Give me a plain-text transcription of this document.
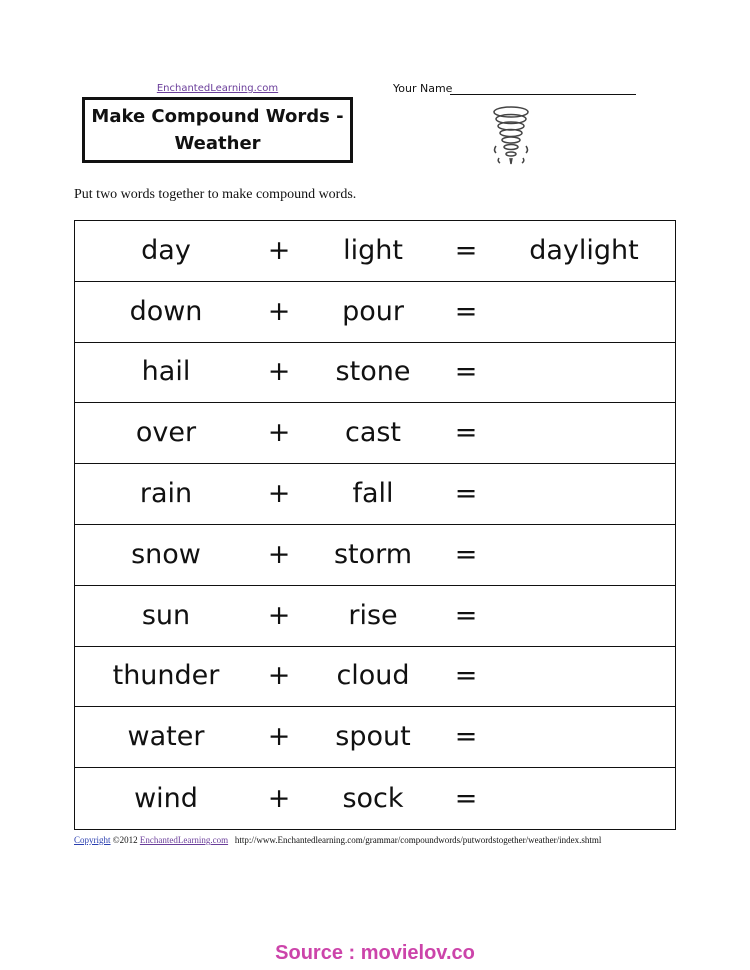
EnchantedLearning.com
Make Compound Words -
Weather
Your Name
Put two words together to make compound words.
day	+ light = daylight
down + pour =
hail	+ stone =
over	+ cast =
rain	+ fall =
snow + storm =
sun	+ rise =
thunder + cloud =
water + spout =
wind	+ sock =
Copyright ©2012 EnchantedLearning.com http://www.Enchantedlearning.com/grammar/compoundwords/putwordstogether/weather/index.shtml
Source : movielov.co
